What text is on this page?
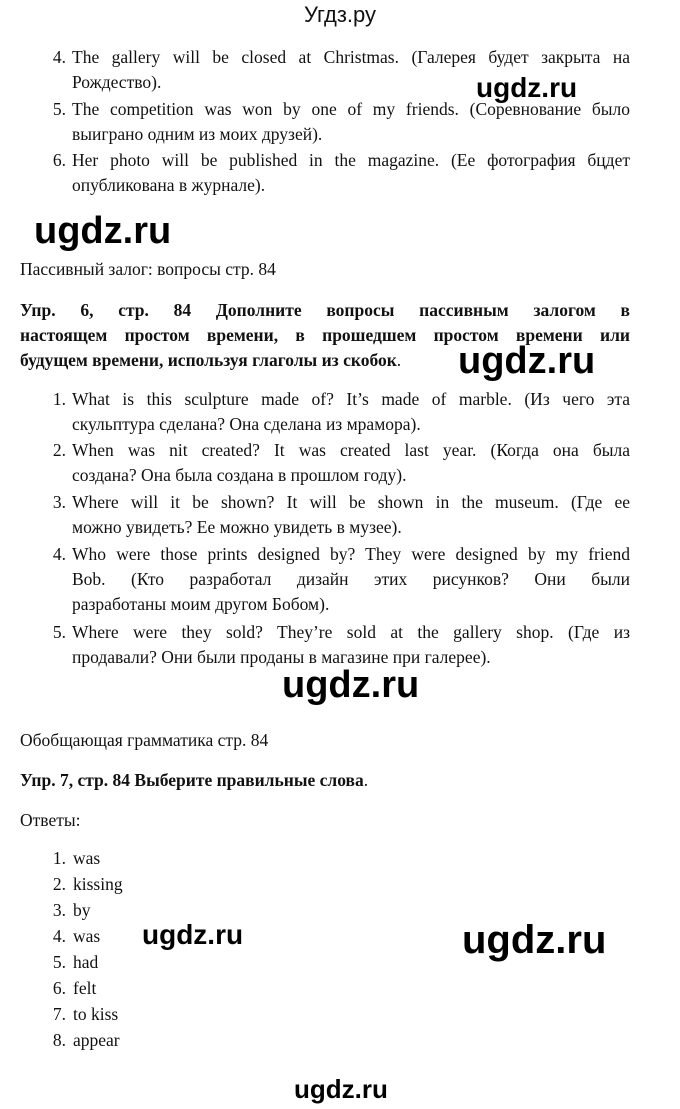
Угдз.ру
4. The gallery will be closed at Christmas. (Галерея будет закрыта на
Рождество).
5. The competition was won by one of my friends. (Соревнование было
выиграно одним из моих друзей).
6. Her photo will be published in the magazine. (Ее фотография бцдет
опубликована в журнале).
ugdz.ru
ugdz.ru
Пассивный залог: вопросы стр. 84
Упр. 6, стр. 84 Дополните вопросы пассивным залогом в
настоящем простом времени, в прошедшем простом времени или
будущем времени, используя глаголы из скобок. ugdz.ru
1. What is this sculpture made of? It’s made of marble. (Из чего эта
скульптура сделана? Она сделана из мрамора).
2. When was nit created? It was created last year. (Когда она была
создана? Она была создана в прошлом году).
3. Where will it be shown? It will be shown in the museum. (Где ее
можно увидеть? Ее можно увидеть в музее).
4. Who were those prints designed by? They were designed by my friend
Bob. (Кто разработал дизайн этих рисунков? Они были
разработаны моим другом Бобом).
5. Where were they sold? They’re sold at the gallery shop. (Где из
продавали? Они были проданы в магазине при галерее).
ugdz.ru
Обобщающая грамматика стр. 84
Упр. 7, стр. 84 Выберите правильные слова.
Ответы:
1. was
2. kissing
3. by
4. was
5. had
6. felt
7. to kiss
8. appear
ugdz.ru	ugdz.ru
ugdz.ru
